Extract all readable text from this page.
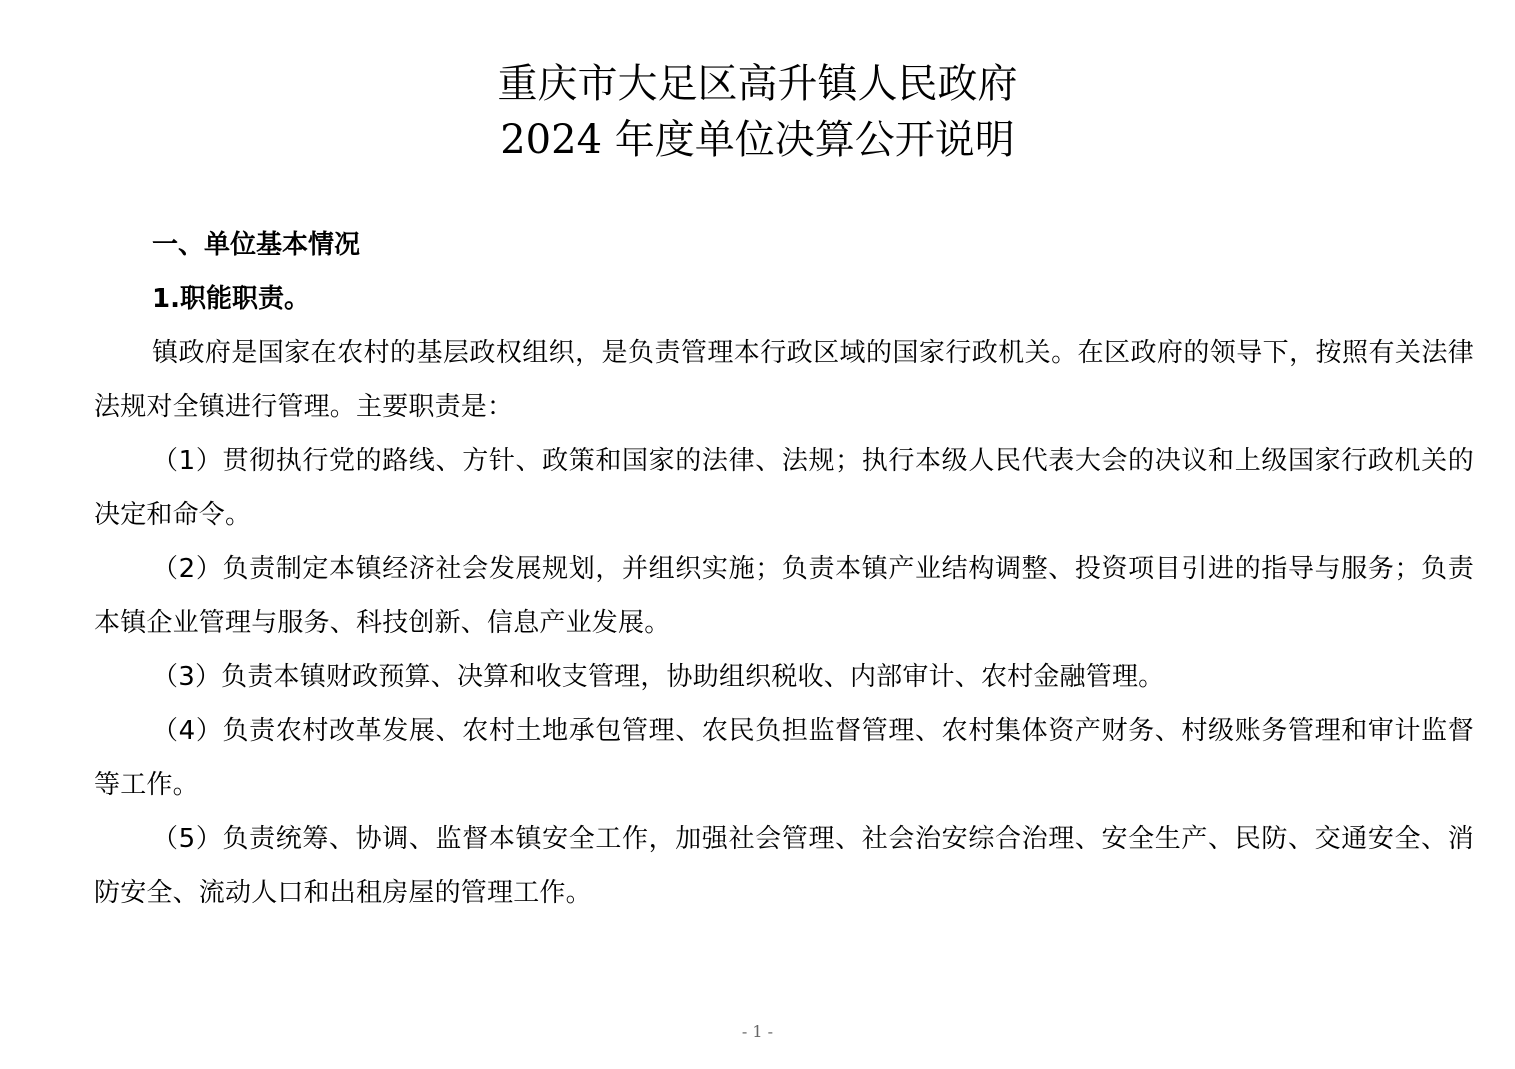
重庆市大足区高升镇人民政府
2024 年度单位决算公开说明

一、单位基本情况

1.职能职责。

镇政府是国家在农村的基层政权组织，是负责管理本行政区域的国家行政机关。在区政府的领导下，按照有关法律法规对全镇进行管理。主要职责是：

（1）贯彻执行党的路线、方针、政策和国家的法律、法规；执行本级人民代表大会的决议和上级国家行政机关的决定和命令。

（2）负责制定本镇经济社会发展规划，并组织实施；负责本镇产业结构调整、投资项目引进的指导与服务；负责本镇企业管理与服务、科技创新、信息产业发展。

（3）负责本镇财政预算、决算和收支管理，协助组织税收、内部审计、农村金融管理。

（4）负责农村改革发展、农村土地承包管理、农民负担监督管理、农村集体资产财务、村级账务管理和审计监督等工作。

（5）负责统筹、协调、监督本镇安全工作，加强社会管理、社会治安综合治理、安全生产、民防、交通安全、消防安全、流动人口和出租房屋的管理工作。

- 1 -
